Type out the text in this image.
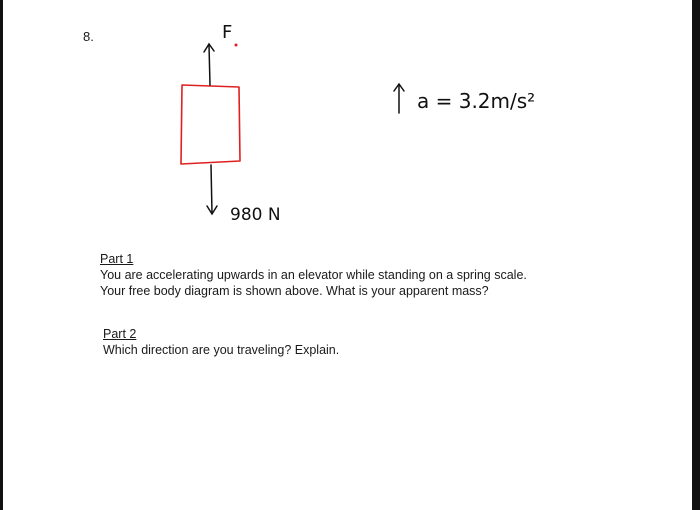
8.	F
980 N
a = 3.2m/s²
Part 1
You are accelerating upwards in an elevator while standing on a spring scale.
Your free body diagram is shown above. What is your apparent mass?
Part 2
Which direction are you traveling? Explain.
